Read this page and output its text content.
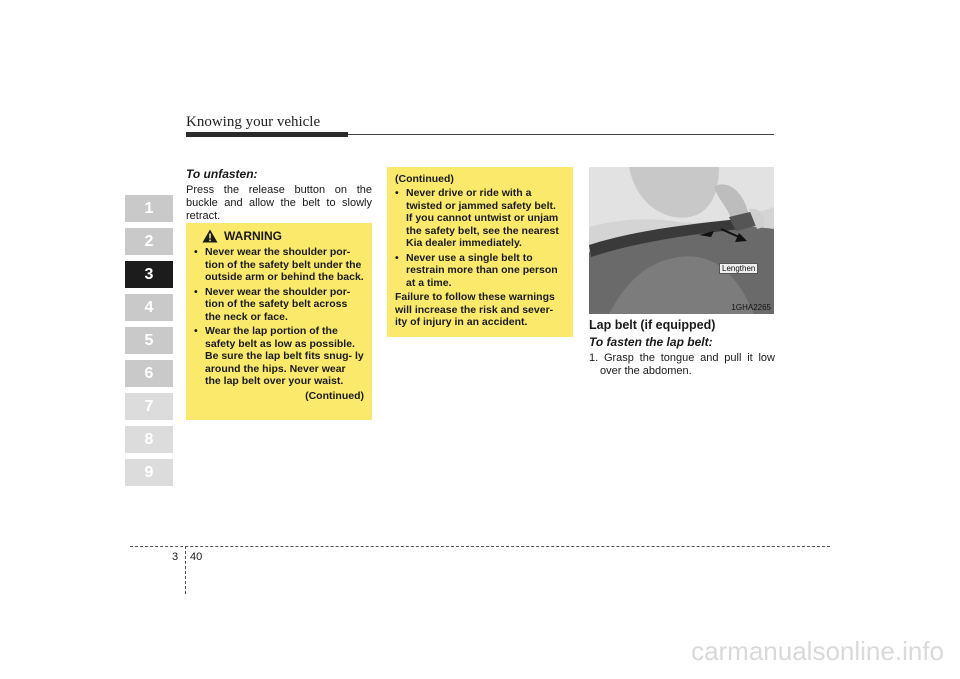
Knowing your vehicle
1
2
3
4
5
6
7
8
9

To unfasten:

Press the release button on the buckle and allow the belt to slowly retract.

WARNING
• Never wear the shoulder por- tion of the safety belt under the outside arm or behind the back.
• Never wear the shoulder por- tion of the safety belt across the neck or face.
• Wear the lap portion of the safety belt as low as possible. Be sure the lap belt fits snug- ly around the hips. Never wear the lap belt over your waist.
(Continued)
(Continued)
• Never drive or ride with a twisted or jammed safety belt. If you cannot untwist or unjam the safety belt, see the nearest Kia dealer immediately.
• Never use a single belt to restrain more than one person at a time.

Failure to follow these warnings will increase the risk and sever- ity of injury in an accident.

Lengthen
1GHA2265

Lap belt (if equipped)

To fasten the lap belt:

1. Grasp the tongue and pull it low over the abdomen.

3 40
carmanualsonline.info
